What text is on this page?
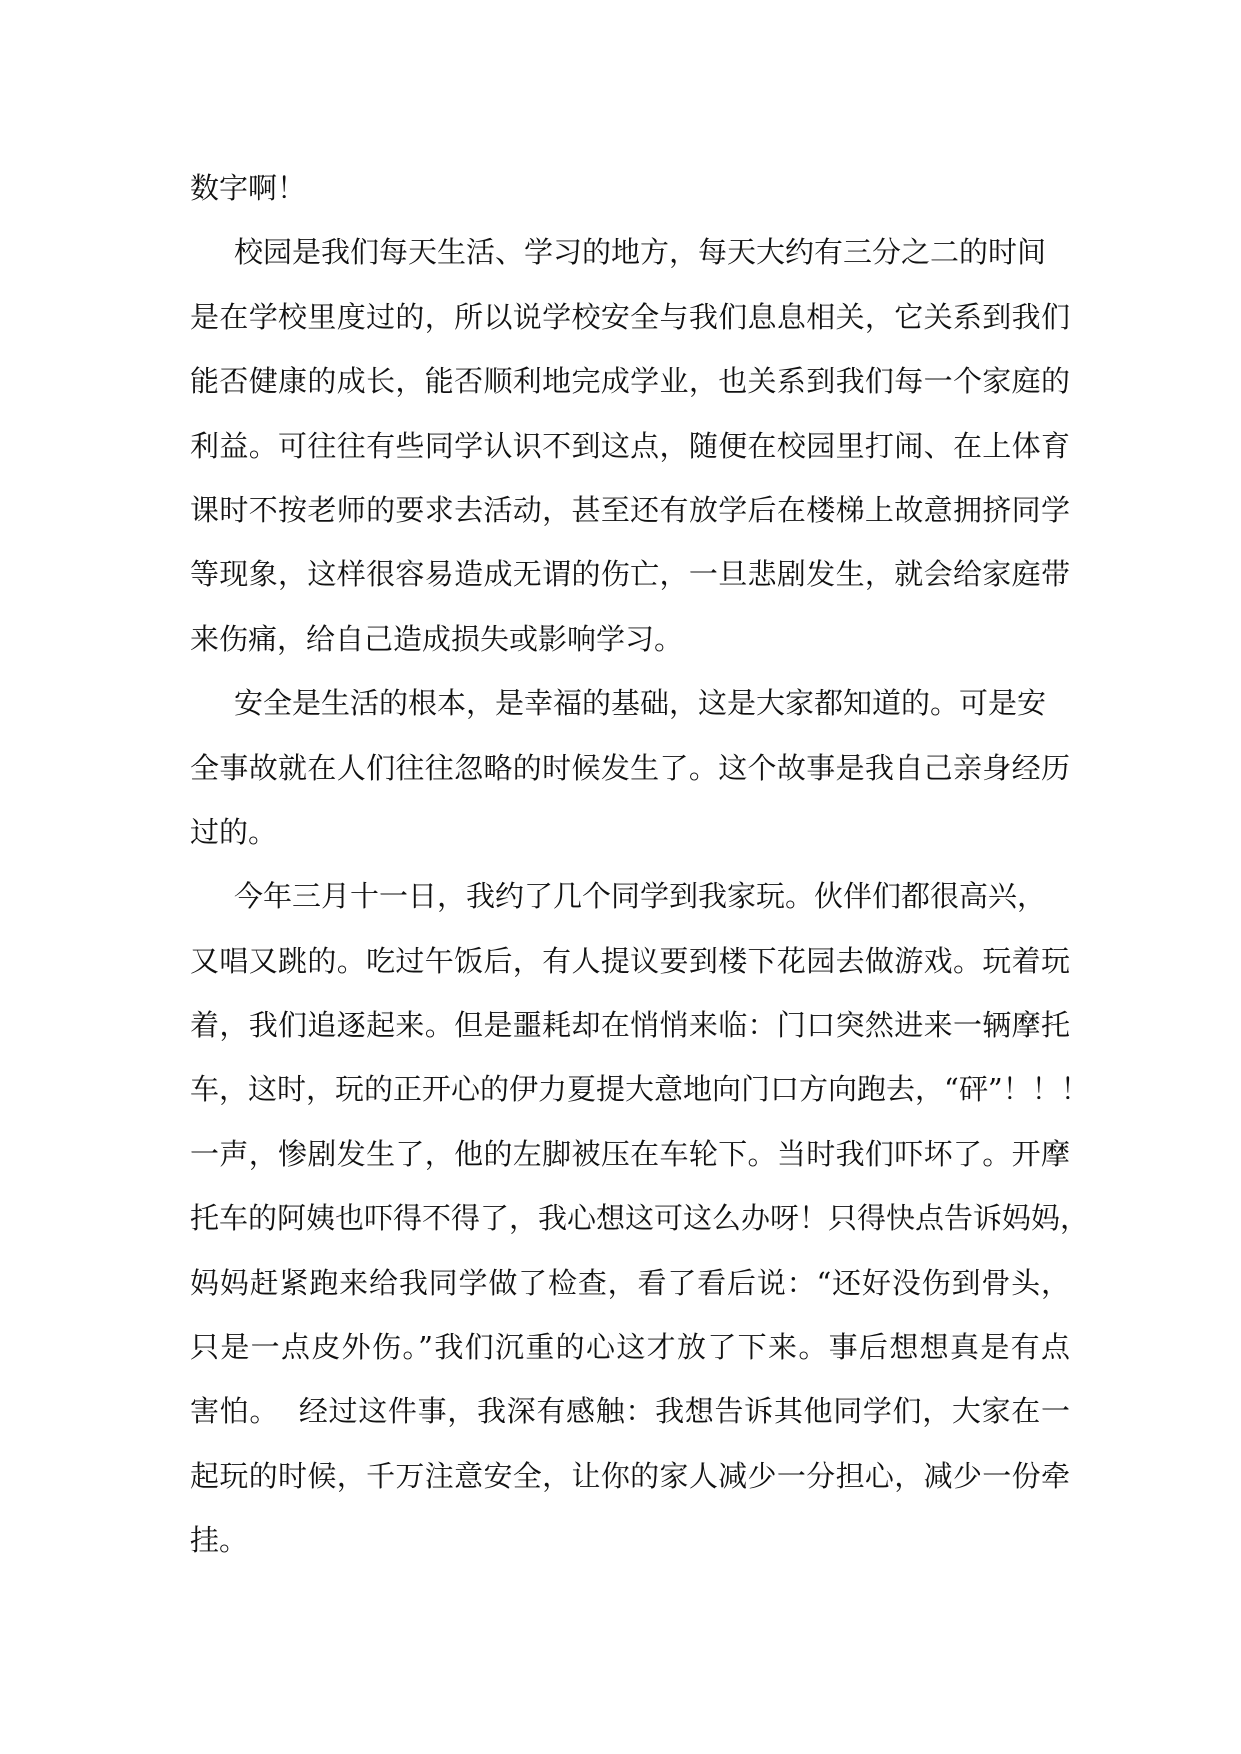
数字啊！
校园是我们每天生活、学习的地方，每天大约有三分之二的时间
是在学校里度过的，所以说学校安全与我们息息相关，它关系到我们
能否健康的成长，能否顺利地完成学业，也关系到我们每一个家庭的
利益。可往往有些同学认识不到这点，随便在校园里打闹、在上体育
课时不按老师的要求去活动，甚至还有放学后在楼梯上故意拥挤同学
等现象，这样很容易造成无谓的伤亡，一旦悲剧发生，就会给家庭带
来伤痛，给自己造成损失或影响学习。
安全是生活的根本，是幸福的基础，这是大家都知道的。可是安
全事故就在人们往往忽略的时候发生了。这个故事是我自己亲身经历
过的。
今年三月十一日，我约了几个同学到我家玩。伙伴们都很高兴，
又唱又跳的。吃过午饭后，有人提议要到楼下花园去做游戏。玩着玩
着，我们追逐起来。但是噩耗却在悄悄来临：门口突然进来一辆摩托
车，这时，玩的正开心的伊力夏提大意地向门口方向跑去，“砰”！！！
一声，惨剧发生了，他的左脚被压在车轮下。当时我们吓坏了。开摩
托车的阿姨也吓得不得了，我心想这可这么办呀！只得快点告诉妈妈，
妈妈赶紧跑来给我同学做了检查，看了看后说：“还好没伤到骨头，
只是一点皮外伤。”我们沉重的心这才放了下来。事后想想真是有点
害怕。  经过这件事，我深有感触：我想告诉其他同学们，大家在一
起玩的时候，千万注意安全，让你的家人减少一分担心，减少一份牵
挂。
